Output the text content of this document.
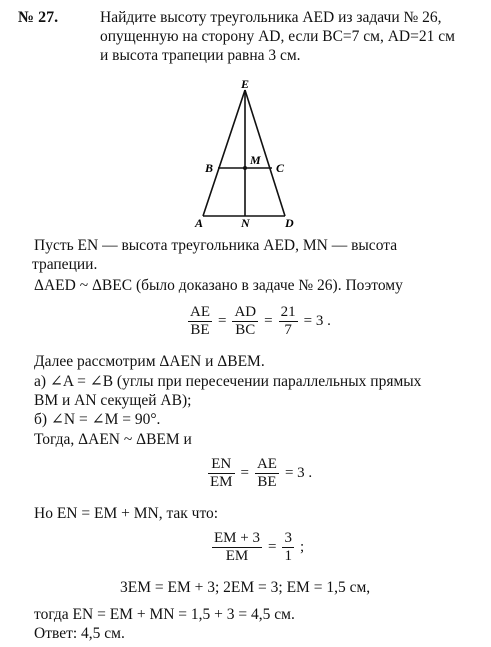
№ 27.	Найдите высоту треугольника AED из задачи № 26,
опущенную на сторону AD, если BC=7 см, AD=21 см
и высота трапеции равна 3 см.
E
B
M
C
A	N	D
Пусть EN — высота треугольника AED, MN — высота
трапеции.
ΔAED ~ ΔBEC (было доказано в задаче № 26). Поэтому
$\frac{AE}{BE} = \frac{AD}{BC} = \frac{21}{7} = 3$ .
Далее рассмотрим ΔAEN и ΔBEM.
а) ∠A = ∠B (углы при пересечении параллельных прямых
BM и AN секущей AB);
б) ∠N = ∠M = 90°.
Тогда, ΔAEN ~ ΔBEM и
$\frac{EN}{EM} = \frac{AE}{BE} = 3$ .
Но EN = EM + MN, так что:
$\frac{EM + 3}{EM} = \frac{3}{1}$ ;
3EM = EM + 3; 2EM = 3; EM = 1,5 см,
тогда EN = EM + MN = 1,5 + 3 = 4,5 см.
Ответ: 4,5 см.
